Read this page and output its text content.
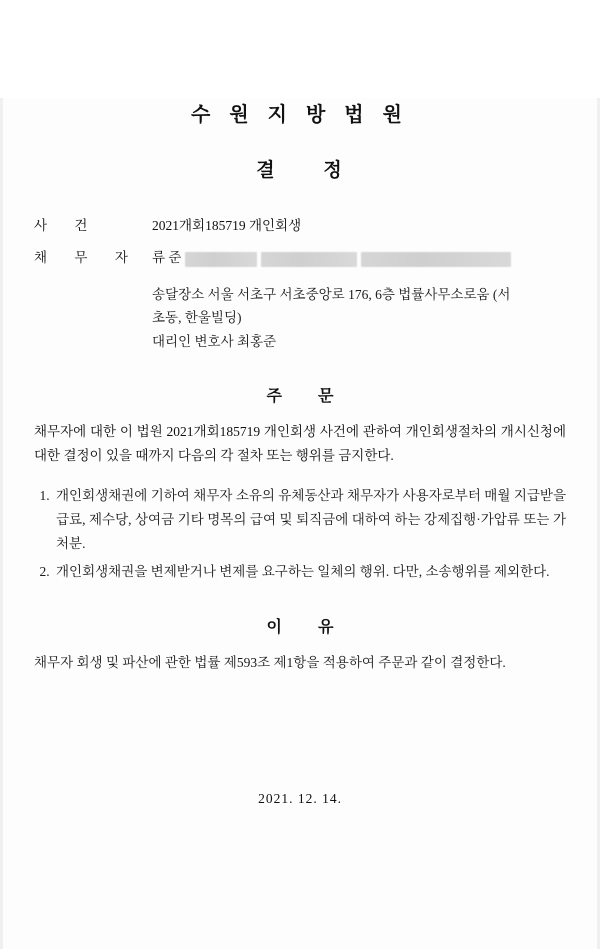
수 원 지 방 법 원
결 정
사 건	2021개회185719 개인회생
채 무 자 류 준
송달장소 서울 서초구 서초중앙로 176, 6층 법률사무소로움 (서
초동, 한울빌딩)
대리인 변호사 최홍준
주 문
채무자에 대한 이 법원 2021개회185719 개인회생 사건에 관하여 개인회생절차의 개시신청에 대한 결정이 있을 때까지 다음의 각 절차 또는 행위를 금지한다.
1. 개인회생채권에 기하여 채무자 소유의 유체동산과 채무자가 사용자로부터 매월 지급받을 급료, 제수당, 상여금 기타 명목의 급여 및 퇴직금에 대하여 하는 강제집행·가압류 또는 가처분.
2. 개인회생채권을 변제받거나 변제를 요구하는 일체의 행위. 다만, 소송행위를 제외한다.
이 유
채무자 회생 및 파산에 관한 법률 제593조 제1항을 적용하여 주문과 같이 결정한다.
2021. 12. 14.
